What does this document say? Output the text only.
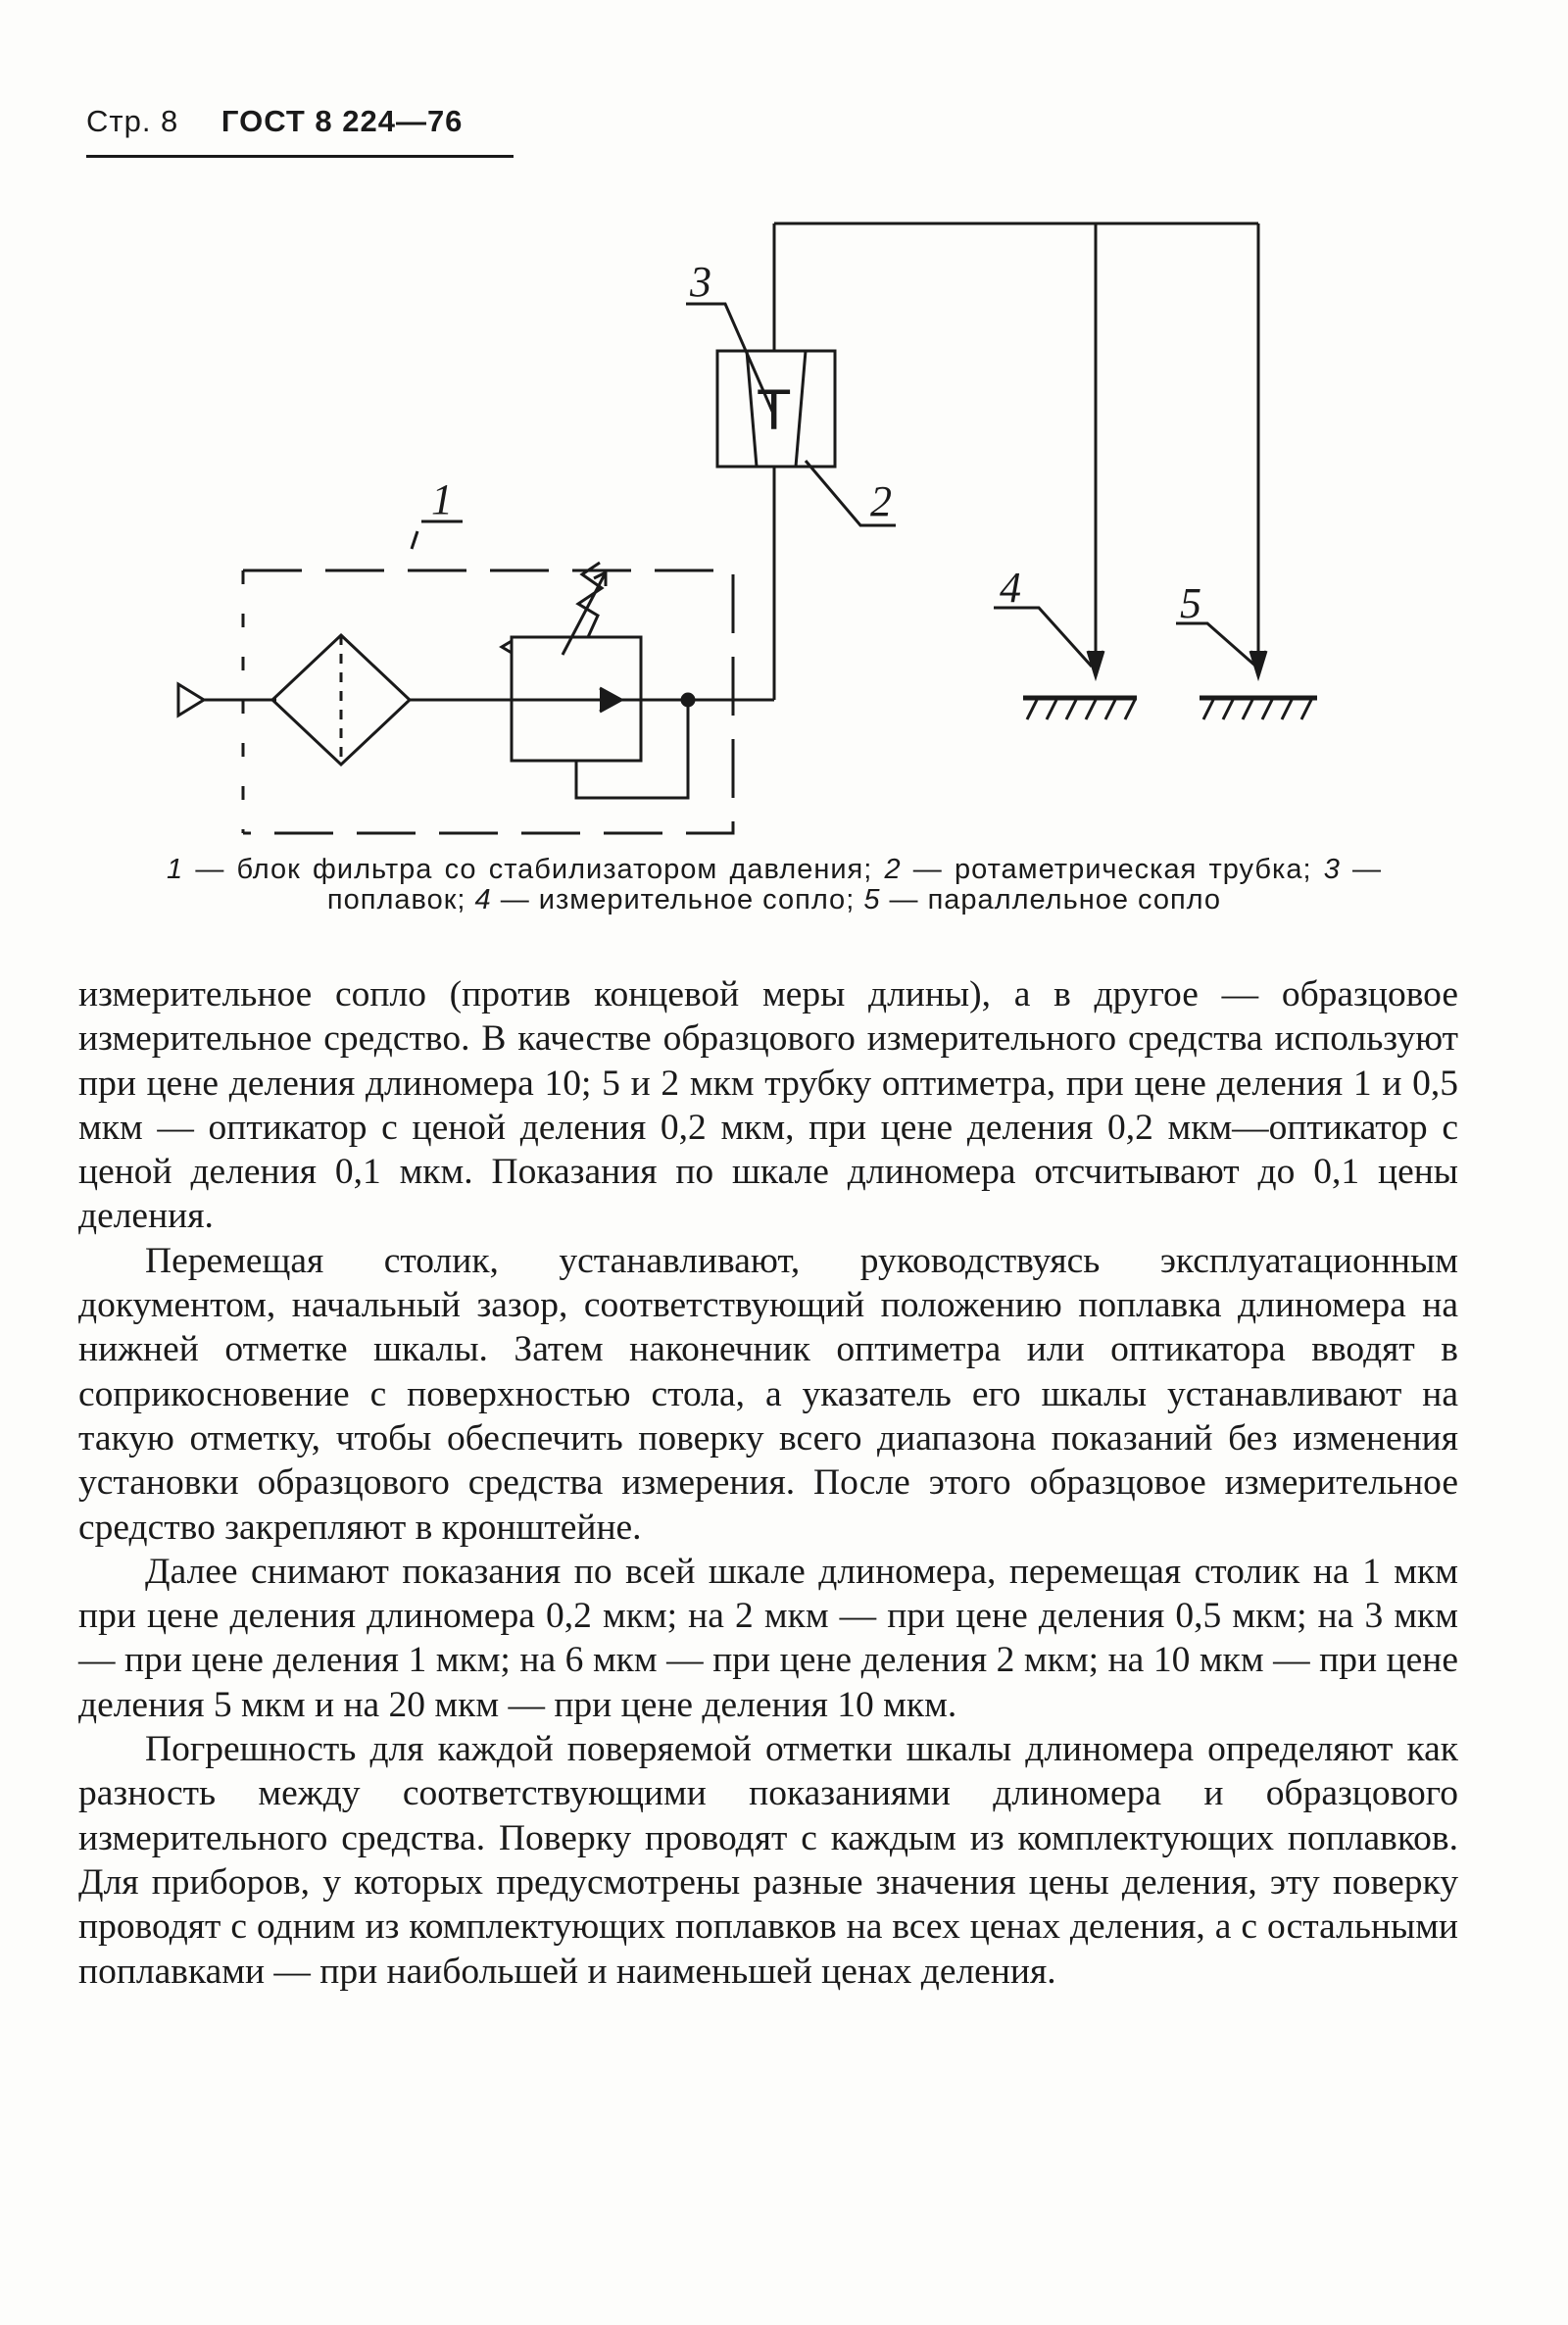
Стр. 8 ГОСТ 8 224—76
Т
3
2
1
4	5
1 — блок фильтра со стабилизатором давления; 2 — ротаметрическая трубка; 3 — поплавок; 4 — измерительное сопло; 5 — параллельное сопло

измерительное сопло (против концевой меры длины), а в другое — образцовое измерительное средство. В качестве образцового измерительного средства используют при цене деления длиномера 10; 5 и 2 мкм трубку оптиметра, при цене деления 1 и 0,5 мкм — оптикатор с ценой деления 0,2 мкм, при цене деления 0,2 мкм—оптикатор с ценой деления 0,1 мкм. Показания по шкале длиномера отсчитывают до 0,1 цены деления.

Перемещая столик, устанавливают, руководствуясь эксплуатационным документом, начальный зазор, соответствующий положению поплавка длиномера на нижней отметке шкалы. Затем наконечник оптиметра или оптикатора вводят в соприкосновение с поверхностью стола, а указатель его шкалы устанавливают на такую отметку, чтобы обеспечить поверку всего диапазона показаний без изменения установки образцового средства измерения. После этого образцовое измерительное средство закрепляют в кронштейне.

Далее снимают показания по всей шкале длиномера, перемещая столик на 1 мкм при цене деления длиномера 0,2 мкм; на 2 мкм — при цене деления 0,5 мкм; на 3 мкм — при цене деления 1 мкм; на 6 мкм — при цене деления 2 мкм; на 10 мкм — при цене деления 5 мкм и на 20 мкм — при цене деления 10 мкм.

Погрешность для каждой поверяемой отметки шкалы длиномера определяют как разность между соответствующими показаниями длиномера и образцового измерительного средства. Поверку проводят с каждым из комплектующих поплавков. Для приборов, у которых предусмотрены разные значения цены деления, эту поверку проводят с одним из комплектующих поплавков на всех ценах деления, а с остальными поплавками — при наибольшей и наименьшей ценах деления.
